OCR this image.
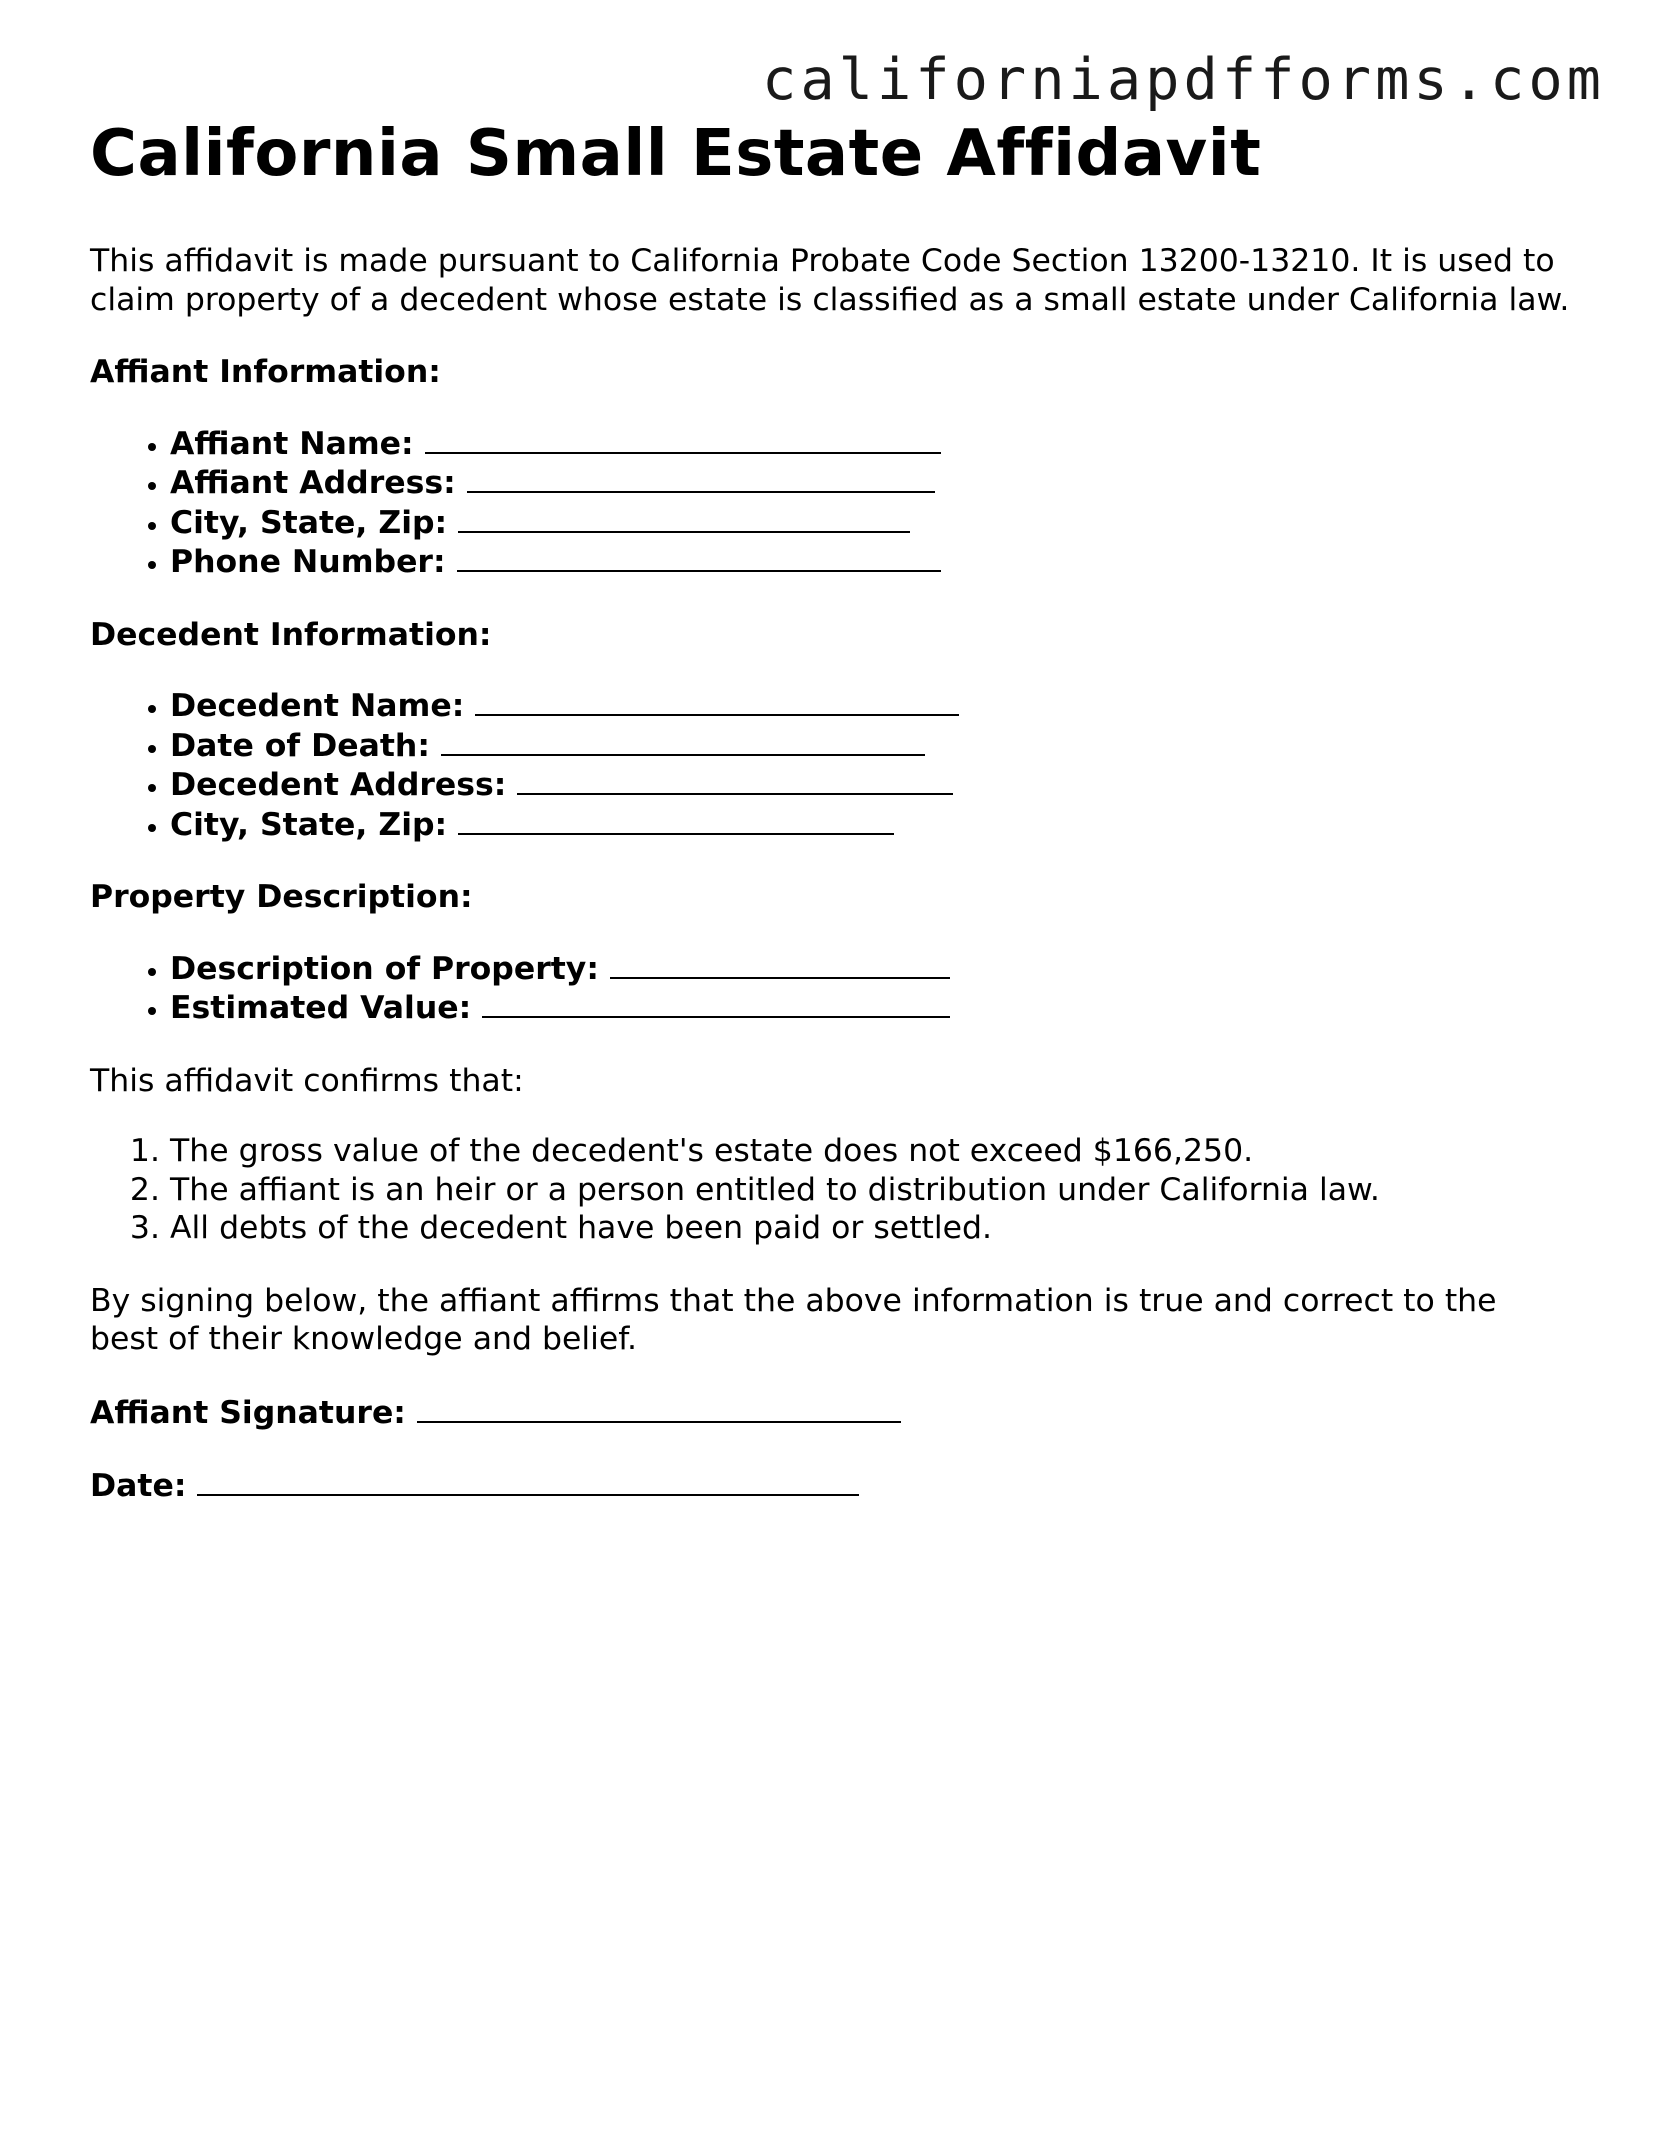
californiapdfforms.com
California Small Estate Affidavit

This affidavit is made pursuant to California Probate Code Section 13200-13210. It is used to claim property of a decedent whose estate is classified as a small estate under California law.

Affiant Information:

• Affiant Name:
• Affiant Address:
• City, State, Zip:
• Phone Number:

Decedent Information:

• Decedent Name:
• Date of Death:
• Decedent Address:
• City, State, Zip:

Property Description:

• Description of Property:
• Estimated Value:

This affidavit confirms that:

1. The gross value of the decedent's estate does not exceed $166,250.
2. The affiant is an heir or a person entitled to distribution under California law.
3. All debts of the decedent have been paid or settled.

By signing below, the affiant affirms that the above information is true and correct to the best of their knowledge and belief.

Affiant Signature:

Date:
